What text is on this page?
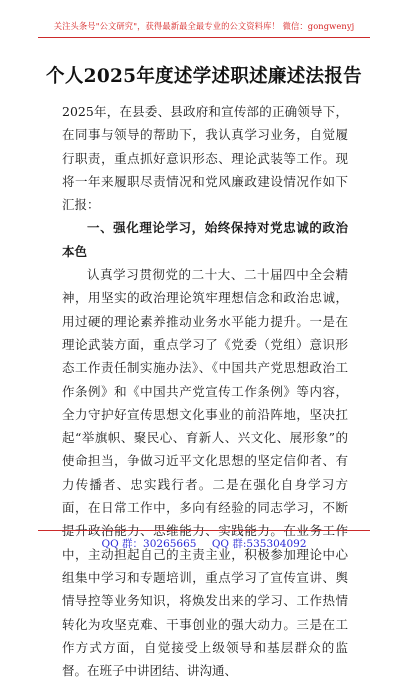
关注头条号"公文研究"，获得最新最全最专业的公文资料库！ 微信：gongwenyj
个人2025年度述学述职述廉述法报告

2025年，在县委、县政府和宣传部的正确领导下，在同事与领导的帮助下，我认真学习业务，自觉履行职责，重点抓好意识形态、理论武装等工作。现将一年来履职尽责情况和党风廉政建设情况作如下汇报：

一、强化理论学习，始终保持对党忠诚的政治本色

认真学习贯彻党的二十大、二十届四中全会精神，用坚实的政治理论筑牢理想信念和政治忠诚，用过硬的理论素养推动业务水平能力提升。一是在理论武装方面，重点学习了《党委（党组）意识形态工作责任制实施办法》、《中国共产党思想政治工作条例》和《中国共产党宣传工作条例》等内容，全力守护好宣传思想文化事业的前沿阵地，坚决扛起“举旗帜、聚民心、育新人、兴文化、展形象”的使命担当，争做习近平文化思想的坚定信仰者、有力传播者、忠实践行者。二是在强化自身学习方面，在日常工作中，多向有经验的同志学习，不断提升政治能力、思维能力、实践能力。在业务工作中，主动担起自己的主责主业，积极参加理论中心组集中学习和专题培训，重点学习了宣传宣讲、舆情导控等业务知识，将焕发出来的学习、工作热情转化为攻坚克难、干事创业的强大动力。三是在工作方式方面，自觉接受上级领导和基层群众的监督。在班子中讲团结、讲沟通、

QQ 群：30265665 QQ 群:535304092
